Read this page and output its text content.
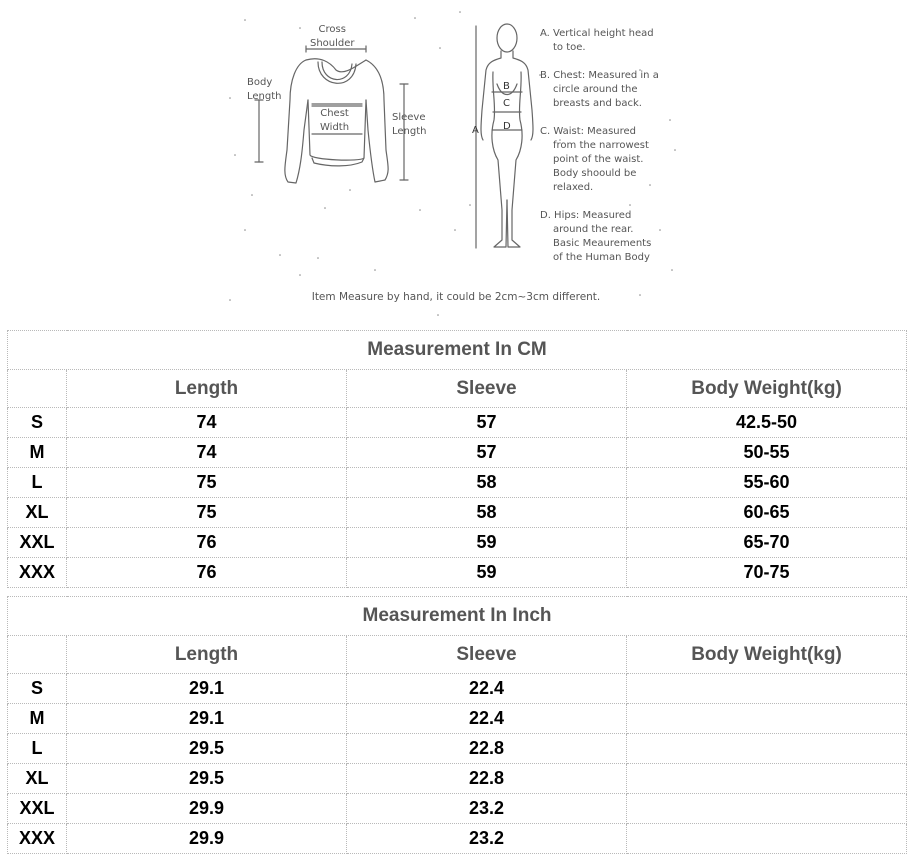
Cross
Shoulder
Body
Length
Chest
Width
Sleeve
Length	A
B
C
D
A. Vertical height head
to toe.
B. Chest: Measured in a
circle around the
breasts and back.
C. Waist: Measured
from the narrowest
point of the waist.
Body shoould be
relaxed.
D. Hips: Measured
around the rear.
Basic Meaurements
of the Human Body
Item Measure by hand, it could be 2cm~3cm different.
Measurement In CM			
	Length	Sleeve	Body Weight(kg)
S	74	57	42.5-50
M	74	57	50-55
L	75	58	55-60
XL	75	58	60-65
XXL	76	59	65-70
XXX	76	59	70-75
Measurement In Inch			
	Length	Sleeve	Body Weight(kg)
S	29.1	22.4	
M	29.1	22.4	
L	29.5	22.8	
XL	29.5	22.8	
XXL	29.9	23.2	
XXX	29.9	23.2	
